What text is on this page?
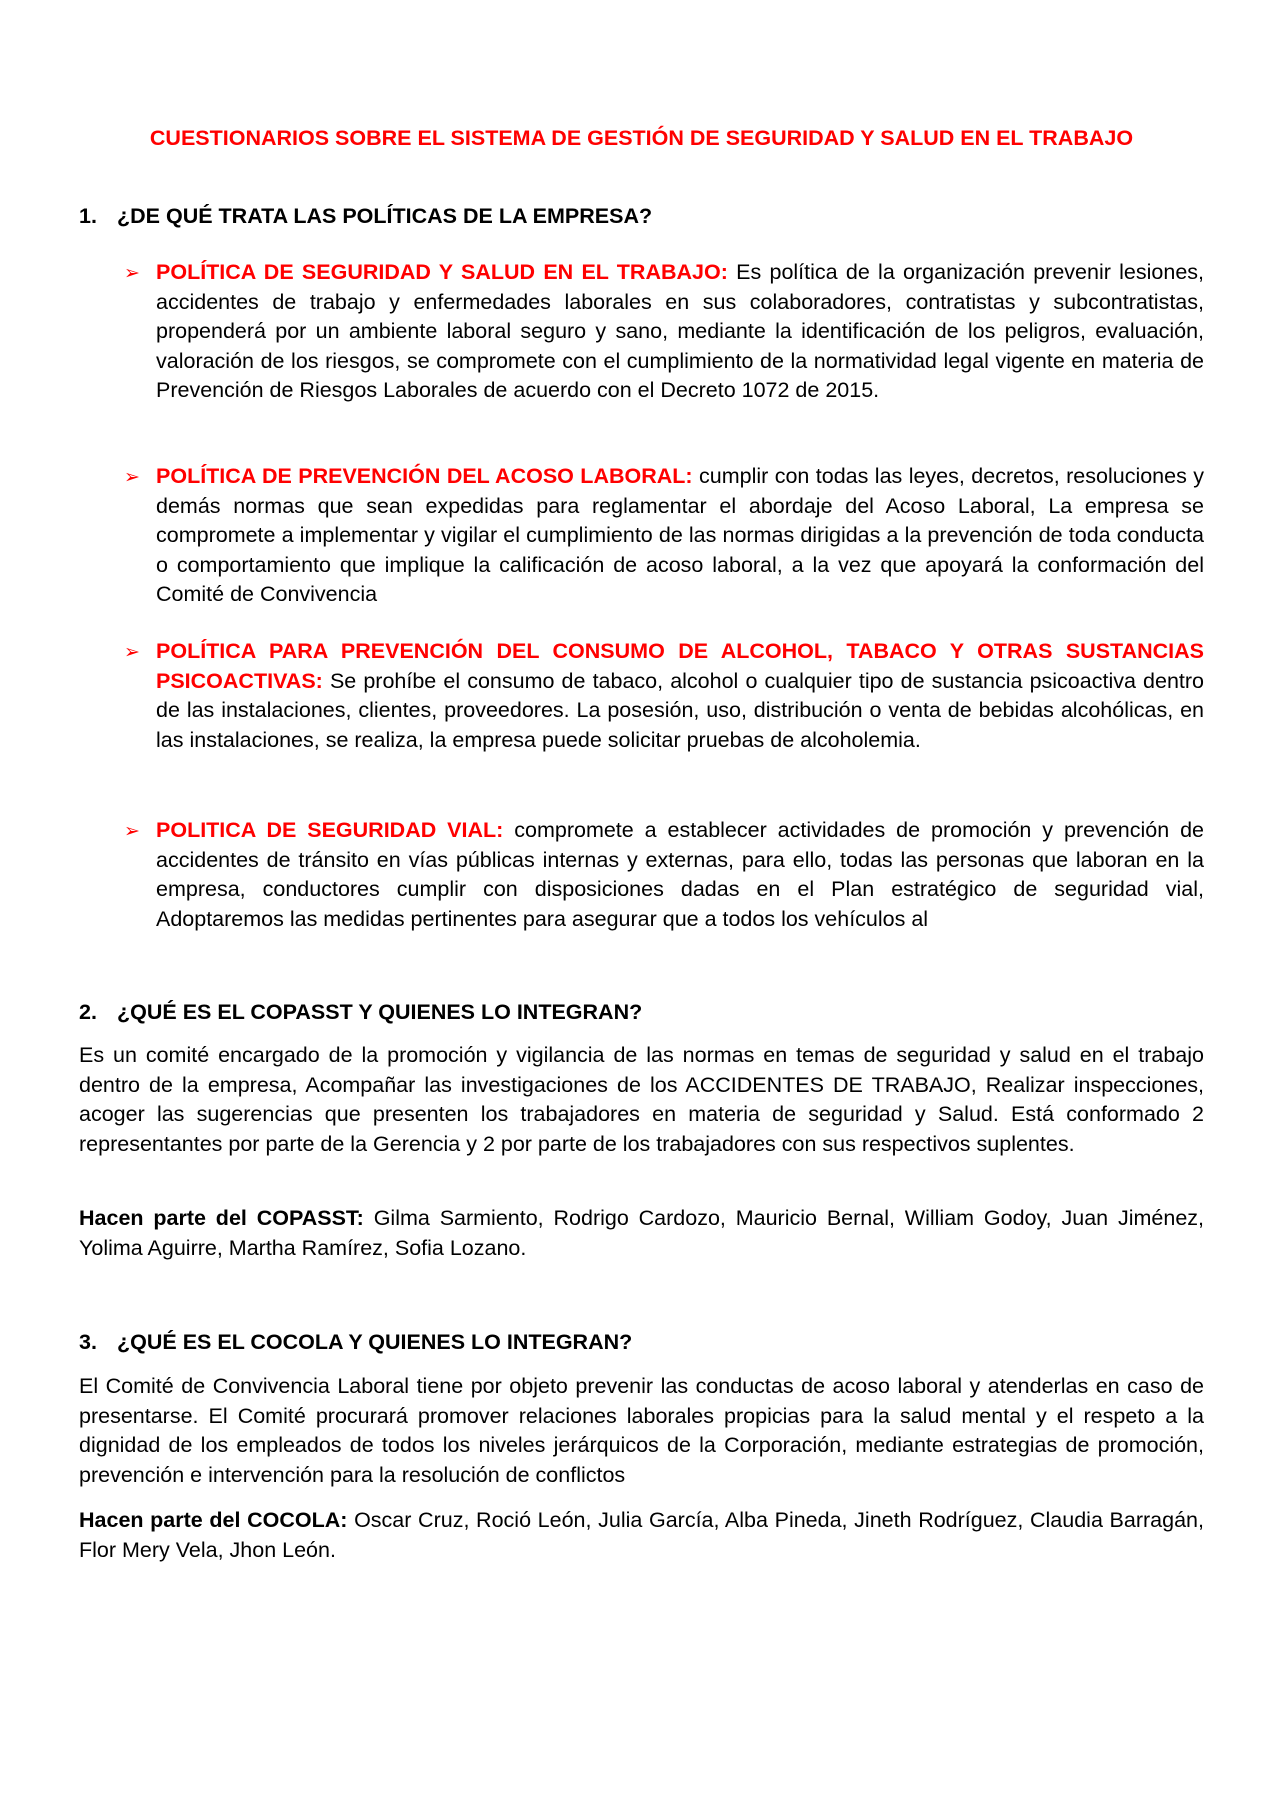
CUESTIONARIOS SOBRE EL SISTEMA DE GESTIÓN DE SEGURIDAD Y SALUD EN EL TRABAJO
1. ¿DE QUÉ TRATA LAS POLÍTICAS DE LA EMPRESA?
➢ POLÍTICA DE SEGURIDAD Y SALUD EN EL TRABAJO: Es política de la organización prevenir lesiones, accidentes de trabajo y enfermedades laborales en sus colaboradores, contratistas y subcontratistas, propenderá por un ambiente laboral seguro y sano, mediante la identificación de los peligros, evaluación, valoración de los riesgos, se compromete con el cumplimiento de la normatividad legal vigente en materia de Prevención de Riesgos Laborales de acuerdo con el Decreto 1072 de 2015.
➢ POLÍTICA DE PREVENCIÓN DEL ACOSO LABORAL: cumplir con todas las leyes, decretos, resoluciones y demás normas que sean expedidas para reglamentar el abordaje del Acoso Laboral, La empresa se compromete a implementar y vigilar el cumplimiento de las normas dirigidas a la prevención de toda conducta o comportamiento que implique la calificación de acoso laboral, a la vez que apoyará la conformación del Comité de Convivencia
➢ POLÍTICA PARA PREVENCIÓN DEL CONSUMO DE ALCOHOL, TABACO Y OTRAS SUSTANCIAS PSICOACTIVAS: Se prohíbe el consumo de tabaco, alcohol o cualquier tipo de sustancia psicoactiva dentro de las instalaciones, clientes, proveedores. La posesión, uso, distribución o venta de bebidas alcohólicas, en las instalaciones, se realiza, la empresa puede solicitar pruebas de alcoholemia.
➢ POLITICA DE SEGURIDAD VIAL: compromete a establecer actividades de promoción y prevención de accidentes de tránsito en vías públicas internas y externas, para ello, todas las personas que laboran en la empresa, conductores cumplir con disposiciones dadas en el Plan estratégico de seguridad vial, Adoptaremos las medidas pertinentes para asegurar que a todos los vehículos al
2. ¿QUÉ ES EL COPASST Y QUIENES LO INTEGRAN?
Es un comité encargado de la promoción y vigilancia de las normas en temas de seguridad y salud en el trabajo dentro de la empresa, Acompañar las investigaciones de los ACCIDENTES DE TRABAJO, Realizar inspecciones, acoger las sugerencias que presenten los trabajadores en materia de seguridad y Salud. Está conformado 2 representantes por parte de la Gerencia y 2 por parte de los trabajadores con sus respectivos suplentes.
Hacen parte del COPASST: Gilma Sarmiento, Rodrigo Cardozo, Mauricio Bernal, William Godoy, Juan Jiménez, Yolima Aguirre, Martha Ramírez, Sofia Lozano.
3. ¿QUÉ ES EL COCOLA Y QUIENES LO INTEGRAN?
El Comité de Convivencia Laboral tiene por objeto prevenir las conductas de acoso laboral y atenderlas en caso de presentarse. El Comité procurará promover relaciones laborales propicias para la salud mental y el respeto a la dignidad de los empleados de todos los niveles jerárquicos de la Corporación, mediante estrategias de promoción, prevención e intervención para la resolución de conflictos
Hacen parte del COCOLA: Oscar Cruz, Roció León, Julia García, Alba Pineda, Jineth Rodríguez, Claudia Barragán, Flor Mery Vela, Jhon León.
